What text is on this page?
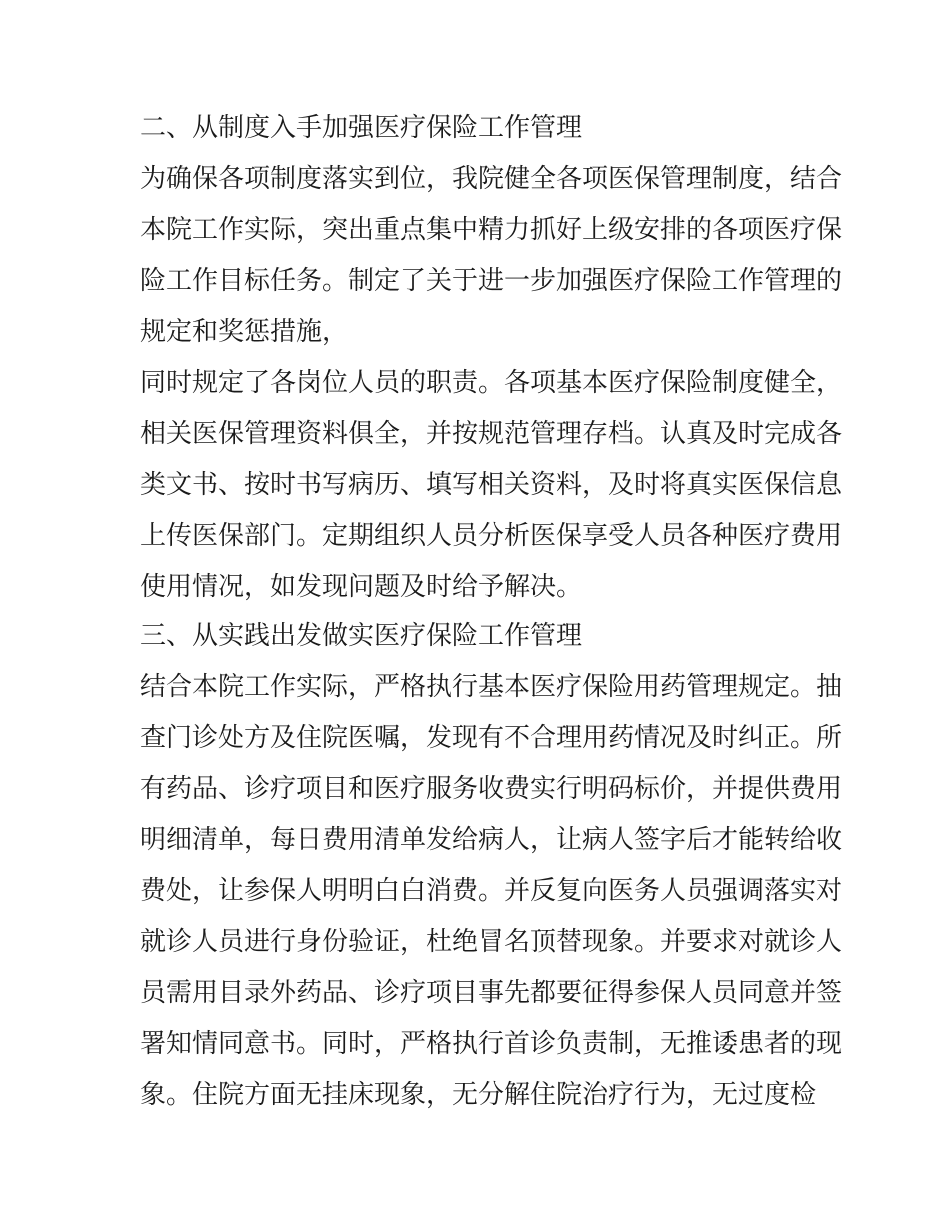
二、从制度入手加强医疗保险工作管理

为确保各项制度落实到位，我院健全各项医保管理制度，结合

本院工作实际，突出重点集中精力抓好上级安排的各项医疗保

险工作目标任务。制定了关于进一步加强医疗保险工作管理的

规定和奖惩措施，

同时规定了各岗位人员的职责。各项基本医疗保险制度健全，

相关医保管理资料俱全，并按规范管理存档。认真及时完成各

类文书、按时书写病历、填写相关资料，及时将真实医保信息

上传医保部门。定期组织人员分析医保享受人员各种医疗费用

使用情况，如发现问题及时给予解决。

三、从实践出发做实医疗保险工作管理

结合本院工作实际，严格执行基本医疗保险用药管理规定。抽

查门诊处方及住院医嘱，发现有不合理用药情况及时纠正。所

有药品、诊疗项目和医疗服务收费实行明码标价，并提供费用

明细清单，每日费用清单发给病人，让病人签字后才能转给收

费处，让参保人明明白白消费。并反复向医务人员强调落实对

就诊人员进行身份验证，杜绝冒名顶替现象。并要求对就诊人

员需用目录外药品、诊疗项目事先都要征得参保人员同意并签

署知情同意书。同时，严格执行首诊负责制，无推诿患者的现

象。住院方面无挂床现象，无分解住院治疗行为，无过度检
